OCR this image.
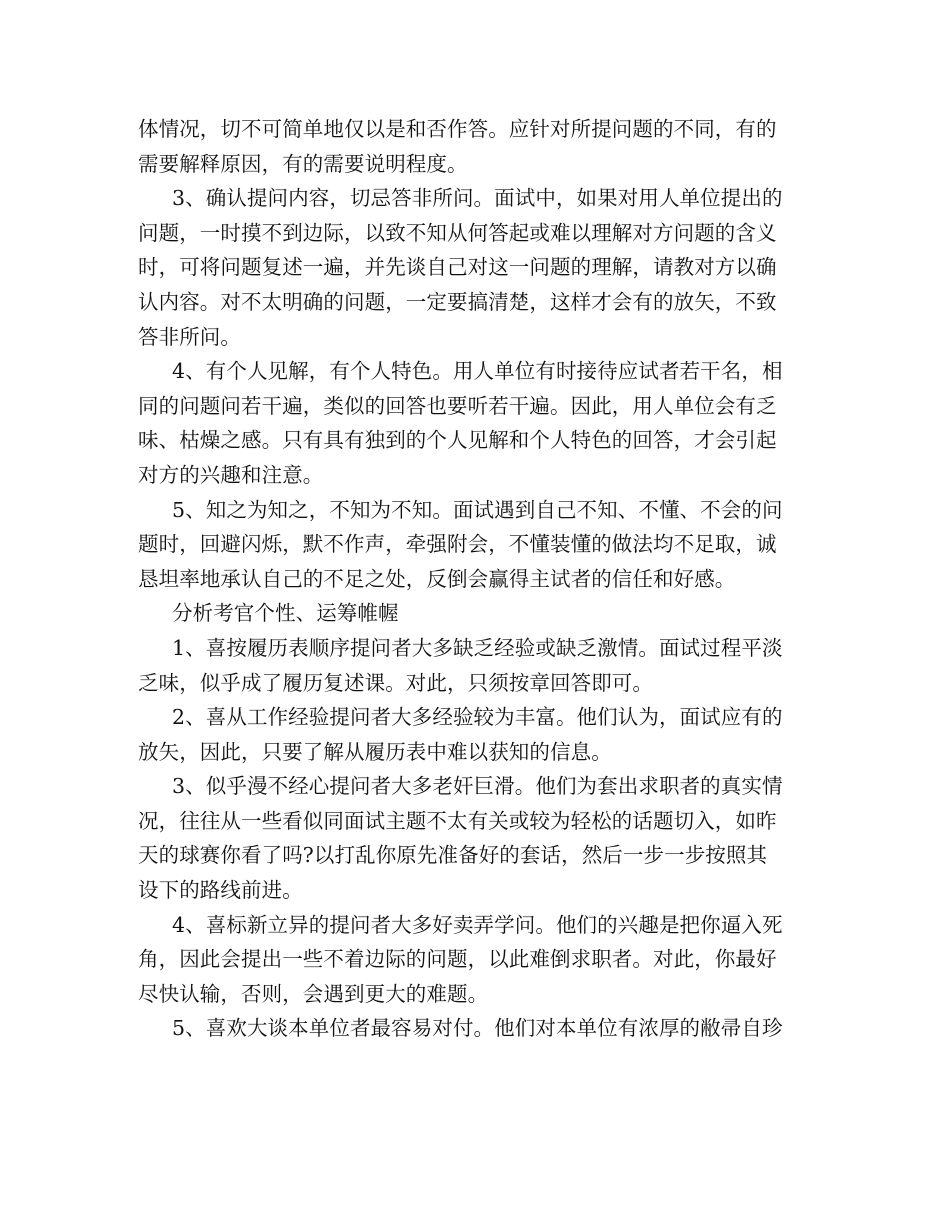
体情况，切不可简单地仅以是和否作答。应针对所提问题的不同，有的
需要解释原因，有的需要说明程度。
3、确认提问内容，切忌答非所问。面试中，如果对用人单位提出的
问题，一时摸不到边际，以致不知从何答起或难以理解对方问题的含义
时，可将问题复述一遍，并先谈自己对这一问题的理解，请教对方以确
认内容。对不太明确的问题，一定要搞清楚，这样才会有的放矢，不致
答非所问。
4、有个人见解，有个人特色。用人单位有时接待应试者若干名，相
同的问题问若干遍，类似的回答也要听若干遍。因此，用人单位会有乏
味、枯燥之感。只有具有独到的个人见解和个人特色的回答，才会引起
对方的兴趣和注意。
5、知之为知之，不知为不知。面试遇到自己不知、不懂、不会的问
题时，回避闪烁，默不作声，牵强附会，不懂装懂的做法均不足取，诚
恳坦率地承认自己的不足之处，反倒会赢得主试者的信任和好感。
分析考官个性、运筹帷幄
1、喜按履历表顺序提问者大多缺乏经验或缺乏激情。面试过程平淡
乏味，似乎成了履历复述课。对此，只须按章回答即可。
2、喜从工作经验提问者大多经验较为丰富。他们认为，面试应有的
放矢，因此，只要了解从履历表中难以获知的信息。
3、似乎漫不经心提问者大多老奸巨滑。他们为套出求职者的真实情
况，往往从一些看似同面试主题不太有关或较为轻松的话题切入，如昨
天的球赛你看了吗?以打乱你原先准备好的套话，然后一步一步按照其
设下的路线前进。
4、喜标新立异的提问者大多好卖弄学问。他们的兴趣是把你逼入死
角，因此会提出一些不着边际的问题，以此难倒求职者。对此，你最好
尽快认输，否则，会遇到更大的难题。
5、喜欢大谈本单位者最容易对付。他们对本单位有浓厚的敝帚自珍
